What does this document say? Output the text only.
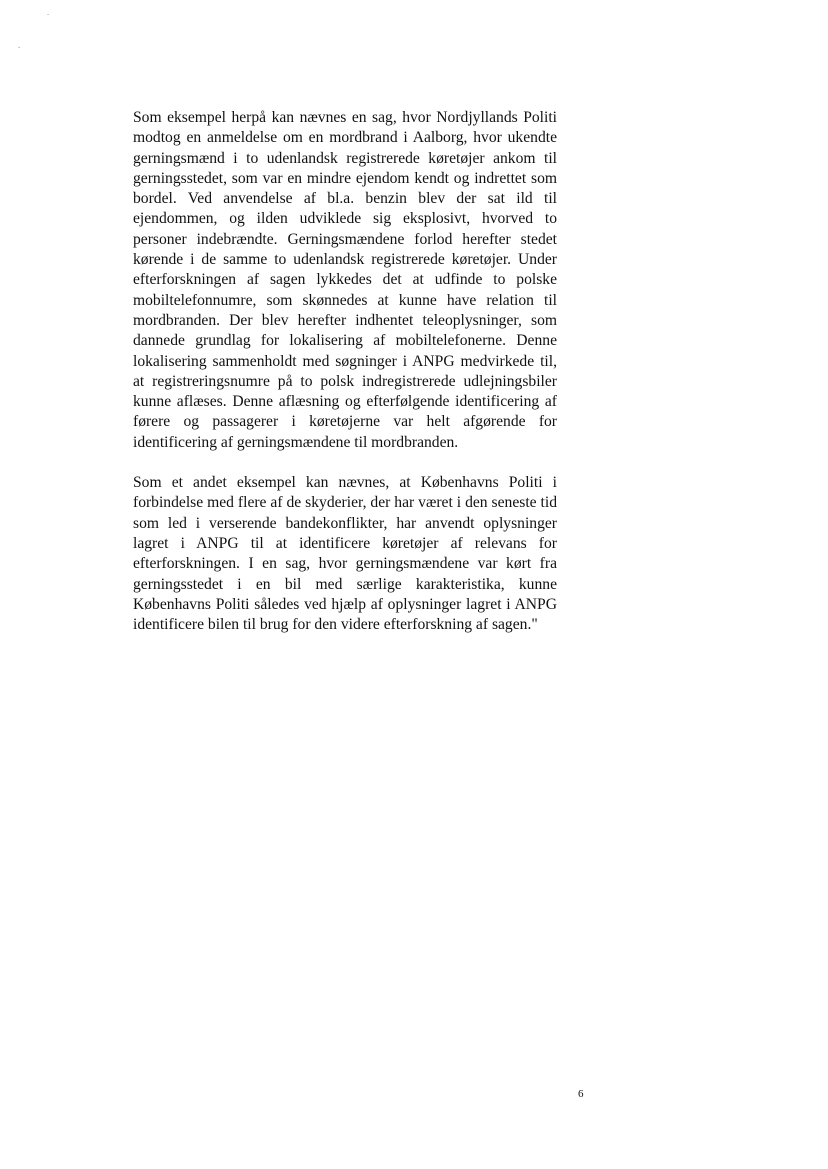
ˆ
‸

Som eksempel herpå kan nævnes en sag, hvor Nordjyllands Politi modtog en anmeldelse om en mordbrand i Aalborg, hvor ukendte gerningsmænd i to udenlandsk registrerede køretøjer ankom til gerningsstedet, som var en mindre ejendom kendt og indrettet som bordel. Ved anvendelse af bl.a. benzin blev der sat ild til ejendommen, og ilden udviklede sig eksplosivt, hvorved to personer indebrændte. Gerningsmændene forlod herefter stedet kørende i de samme to udenlandsk registrerede køretøjer. Under efterforskningen af sagen lykkedes det at udfinde to polske mobiltelefonnumre, som skønnedes at kunne have relation til mordbranden. Der blev herefter indhentet teleoplysninger, som dannede grundlag for lokalisering af mobiltelefonerne. Denne lokalisering sammenholdt med søgninger i ANPG medvirkede til, at registreringsnumre på to polsk indregistrerede udlejningsbiler kunne aflæses. Denne aflæsning og efterfølgende identificering af førere og passagerer i køretøjerne var helt afgørende for identificering af gerningsmændene til mordbranden.

Som et andet eksempel kan nævnes, at Københavns Politi i forbindelse med flere af de skyderier, der har været i den seneste tid som led i verserende bandekonflikter, har anvendt oplysninger lagret i ANPG til at identificere køretøjer af relevans for efterforskningen. I en sag, hvor gerningsmændene var kørt fra gerningsstedet i en bil med særlige karakteristika, kunne Københavns Politi således ved hjælp af oplysninger lagret i ANPG identificere bilen til brug for den videre efterforskning af sagen."

6
